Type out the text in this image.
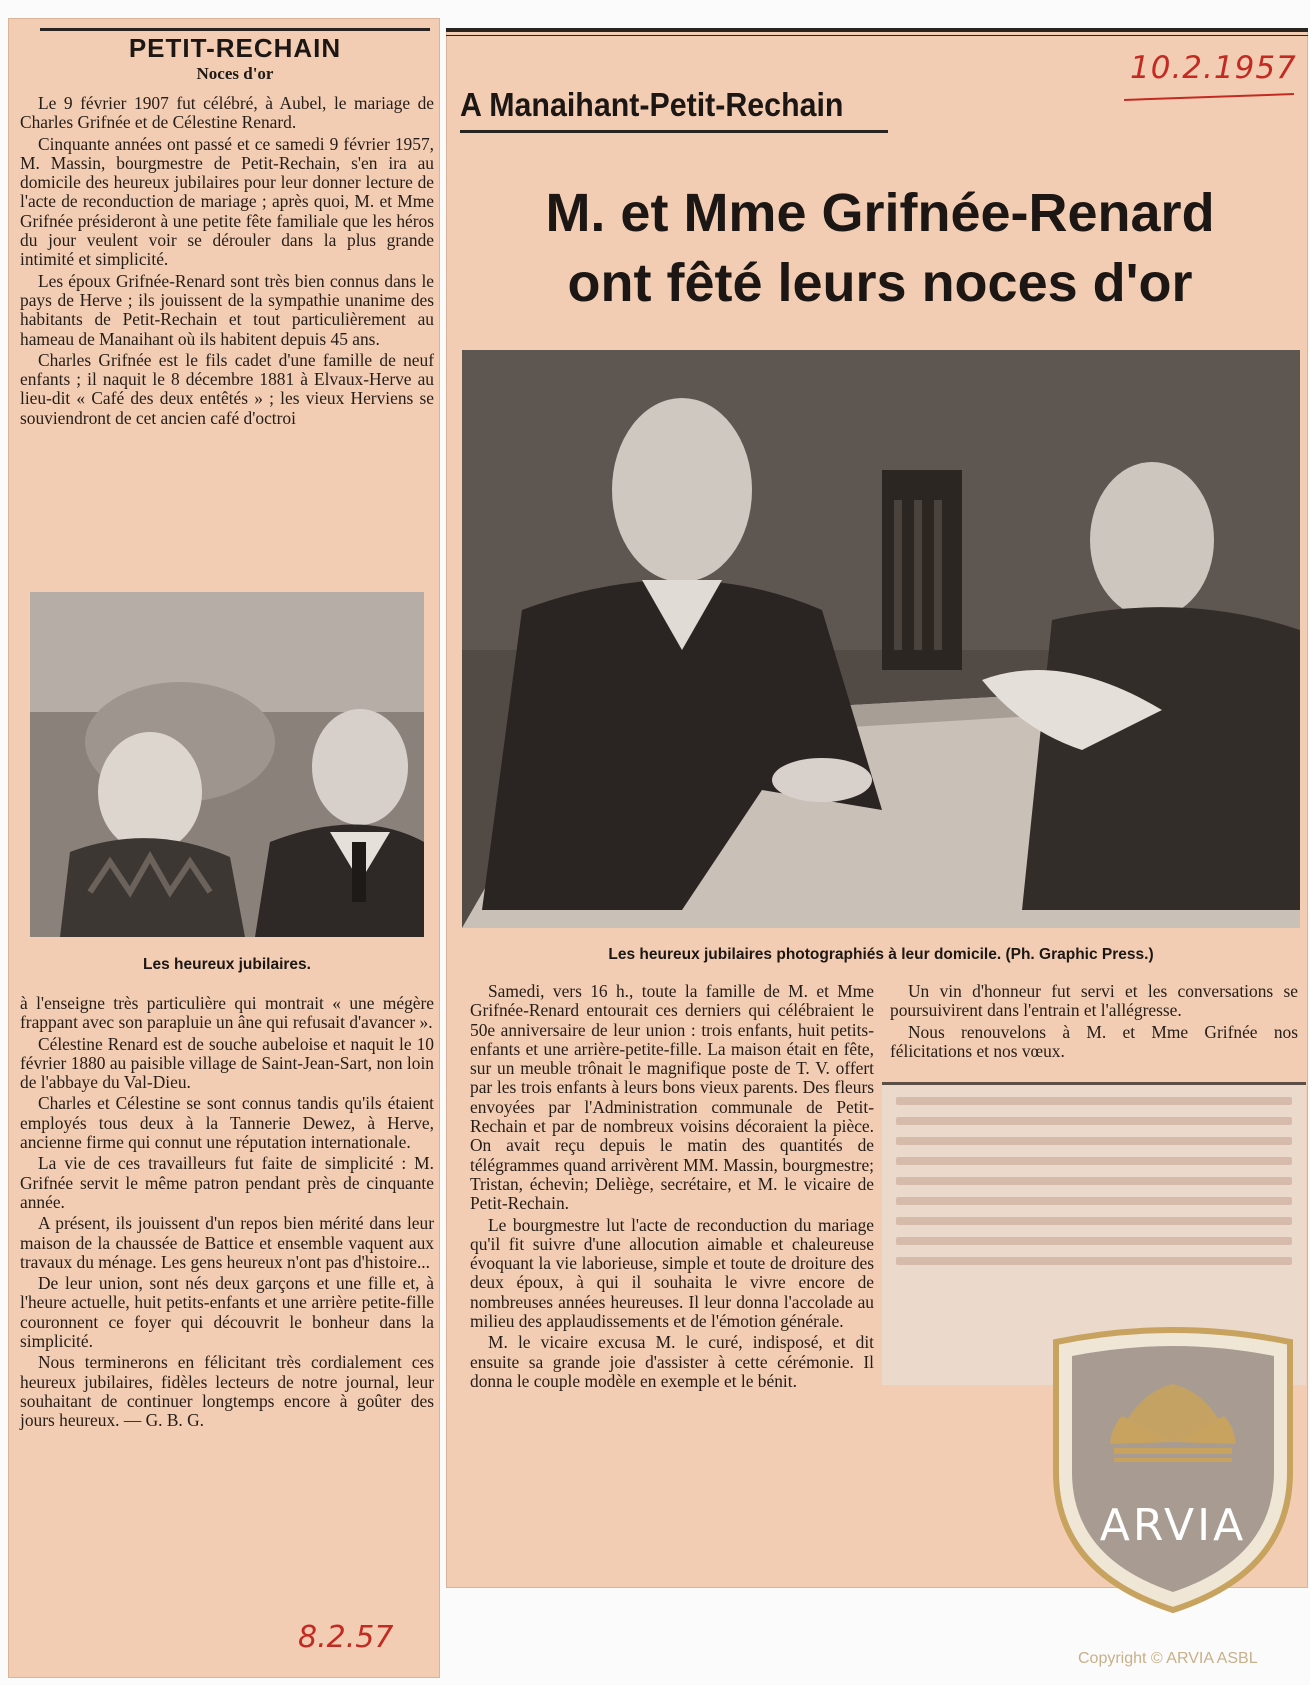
PETIT-RECHAIN
Noces d'or

Le 9 février 1907 fut célébré, à Aubel, le mariage de Charles Grifnée et de Célestine Renard.

Cinquante années ont passé et ce samedi 9 février 1957, M. Massin, bourgmestre de Petit-Rechain, s'en ira au domicile des heureux jubilaires pour leur donner lecture de l'acte de reconduction de mariage ; après quoi, M. et Mme Grifnée présideront à une petite fête familiale que les héros du jour veulent voir se dérouler dans la plus grande intimité et simplicité.

Les époux Grifnée-Renard sont très bien connus dans le pays de Herve ; ils jouissent de la sympathie unanime des habitants de Petit-Rechain et tout particulièrement au hameau de Manaihant où ils habitent depuis 45 ans.

Charles Grifnée est le fils cadet d'une famille de neuf enfants ; il naquit le 8 décembre 1881 à Elvaux-Herve au lieu-dit « Café des deux entêtés » ; les vieux Herviens se souviendront de cet ancien café d'octroi

Les heureux jubilaires.

à l'enseigne très particulière qui montrait « une mégère frappant avec son parapluie un âne qui refusait d'avancer ».

Célestine Renard est de souche aubeloise et naquit le 10 février 1880 au paisible village de Saint-Jean-Sart, non loin de l'abbaye du Val-Dieu.

Charles et Célestine se sont connus tandis qu'ils étaient employés tous deux à la Tannerie Dewez, à Herve, ancienne firme qui connut une réputation internationale.

La vie de ces travailleurs fut faite de simplicité : M. Grifnée servit le même patron pendant près de cinquante année.

A présent, ils jouissent d'un repos bien mérité dans leur maison de la chaussée de Battice et ensemble vaquent aux travaux du ménage. Les gens heureux n'ont pas d'histoire...

De leur union, sont nés deux garçons et une fille et, à l'heure actuelle, huit petits-enfants et une arrière petite-fille couronnent ce foyer qui découvrit le bonheur dans la simplicité.

Nous terminerons en félicitant très cordialement ces heureux jubilaires, fidèles lecteurs de notre journal, leur souhaitant de continuer longtemps encore à goûter des jours heureux. — G. B. G.

8.2.57
10.2.1957
A Manaihant-Petit-Rechain
M. et Mme Grifnée-Renard
ont fêté leurs noces d'or
Les heureux jubilaires photographiés à leur domicile. (Ph. Graphic Press.)

Samedi, vers 16 h., toute la famille de M. et Mme Grifnée-Renard entourait ces derniers qui célébraient le 50e anniversaire de leur union : trois enfants, huit petits-enfants et une arrière-petite-fille. La maison était en fête, sur un meuble trônait le magnifique poste de T. V. offert par les trois enfants à leurs bons vieux parents. Des fleurs envoyées par l'Administration communale de Petit-Rechain et par de nombreux voisins décoraient la pièce. On avait reçu depuis le matin des quantités de télégrammes quand arrivèrent MM. Massin, bourgmestre; Tristan, échevin; Deliège, secrétaire, et M. le vicaire de Petit-Rechain.

Le bourgmestre lut l'acte de reconduction du mariage qu'il fit suivre d'une allocution aimable et chaleureuse évoquant la vie laborieuse, simple et toute de droiture des deux époux, à qui il souhaita le vivre encore de nombreuses années heureuses. Il leur donna l'accolade au milieu des applaudissements et de l'émotion générale.

M. le vicaire excusa M. le curé, indisposé, et dit ensuite sa grande joie d'assister à cette cérémonie. Il donna le couple modèle en exemple et le bénit.

Un vin d'honneur fut servi et les conversations se poursuivirent dans l'entrain et l'allégresse.

Nous renouvelons à M. et Mme Grifnée nos félicitations et nos vœux.

ARVIA
Copyright © ARVIA ASBL
